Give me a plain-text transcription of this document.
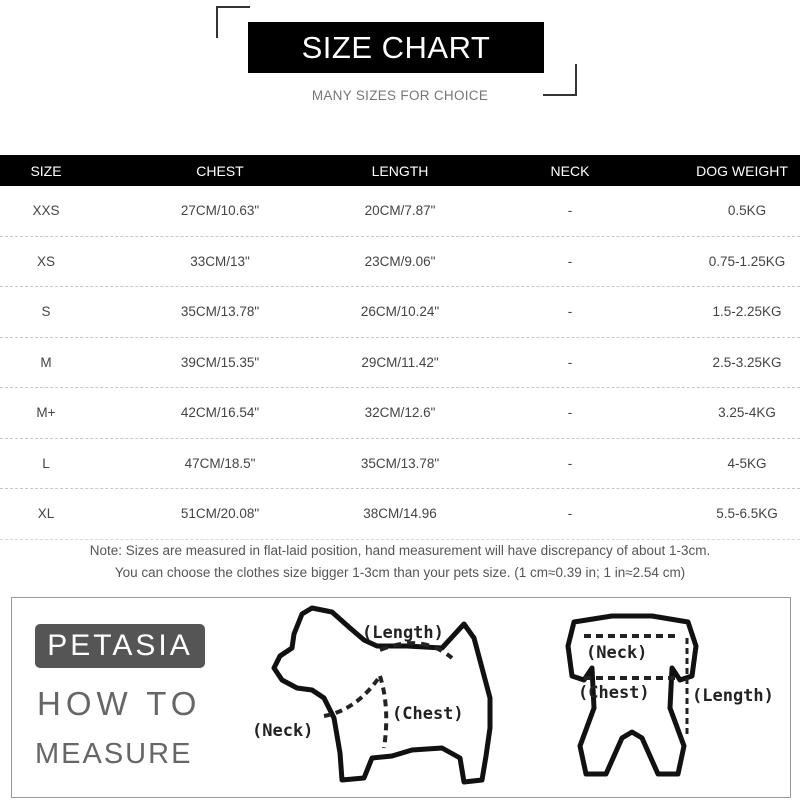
SIZE CHART
MANY SIZES FOR CHOICE
SIZE	CHEST	LENGTH	NECK	DOG WEIGHT
XXS	27CM/10.63"	20CM/7.87"	-	0.5KG
XS	33CM/13"	23CM/9.06"	-	0.75-1.25KG
S	35CM/13.78"	26CM/10.24"	-	1.5-2.25KG
M	39CM/15.35"	29CM/11.42"	-	2.5-3.25KG
M+	42CM/16.54"	32CM/12.6"	-	3.25-4KG
L	47CM/18.5"	35CM/13.78"	-	4-5KG
XL	51CM/20.08"	38CM/14.96	-	5.5-6.5KG
Note: Sizes are measured in flat-laid position, hand measurement will have discrepancy of about 1-3cm.
You can choose the clothes size bigger 1-3cm than your pets size. (1 cm≈0.39 in; 1 in≈2.54 cm)
PETASIA
HOW TO
MEASURE
(Length)
(Neck)
(Chest)
(Neck)
(Chest) (Length)
